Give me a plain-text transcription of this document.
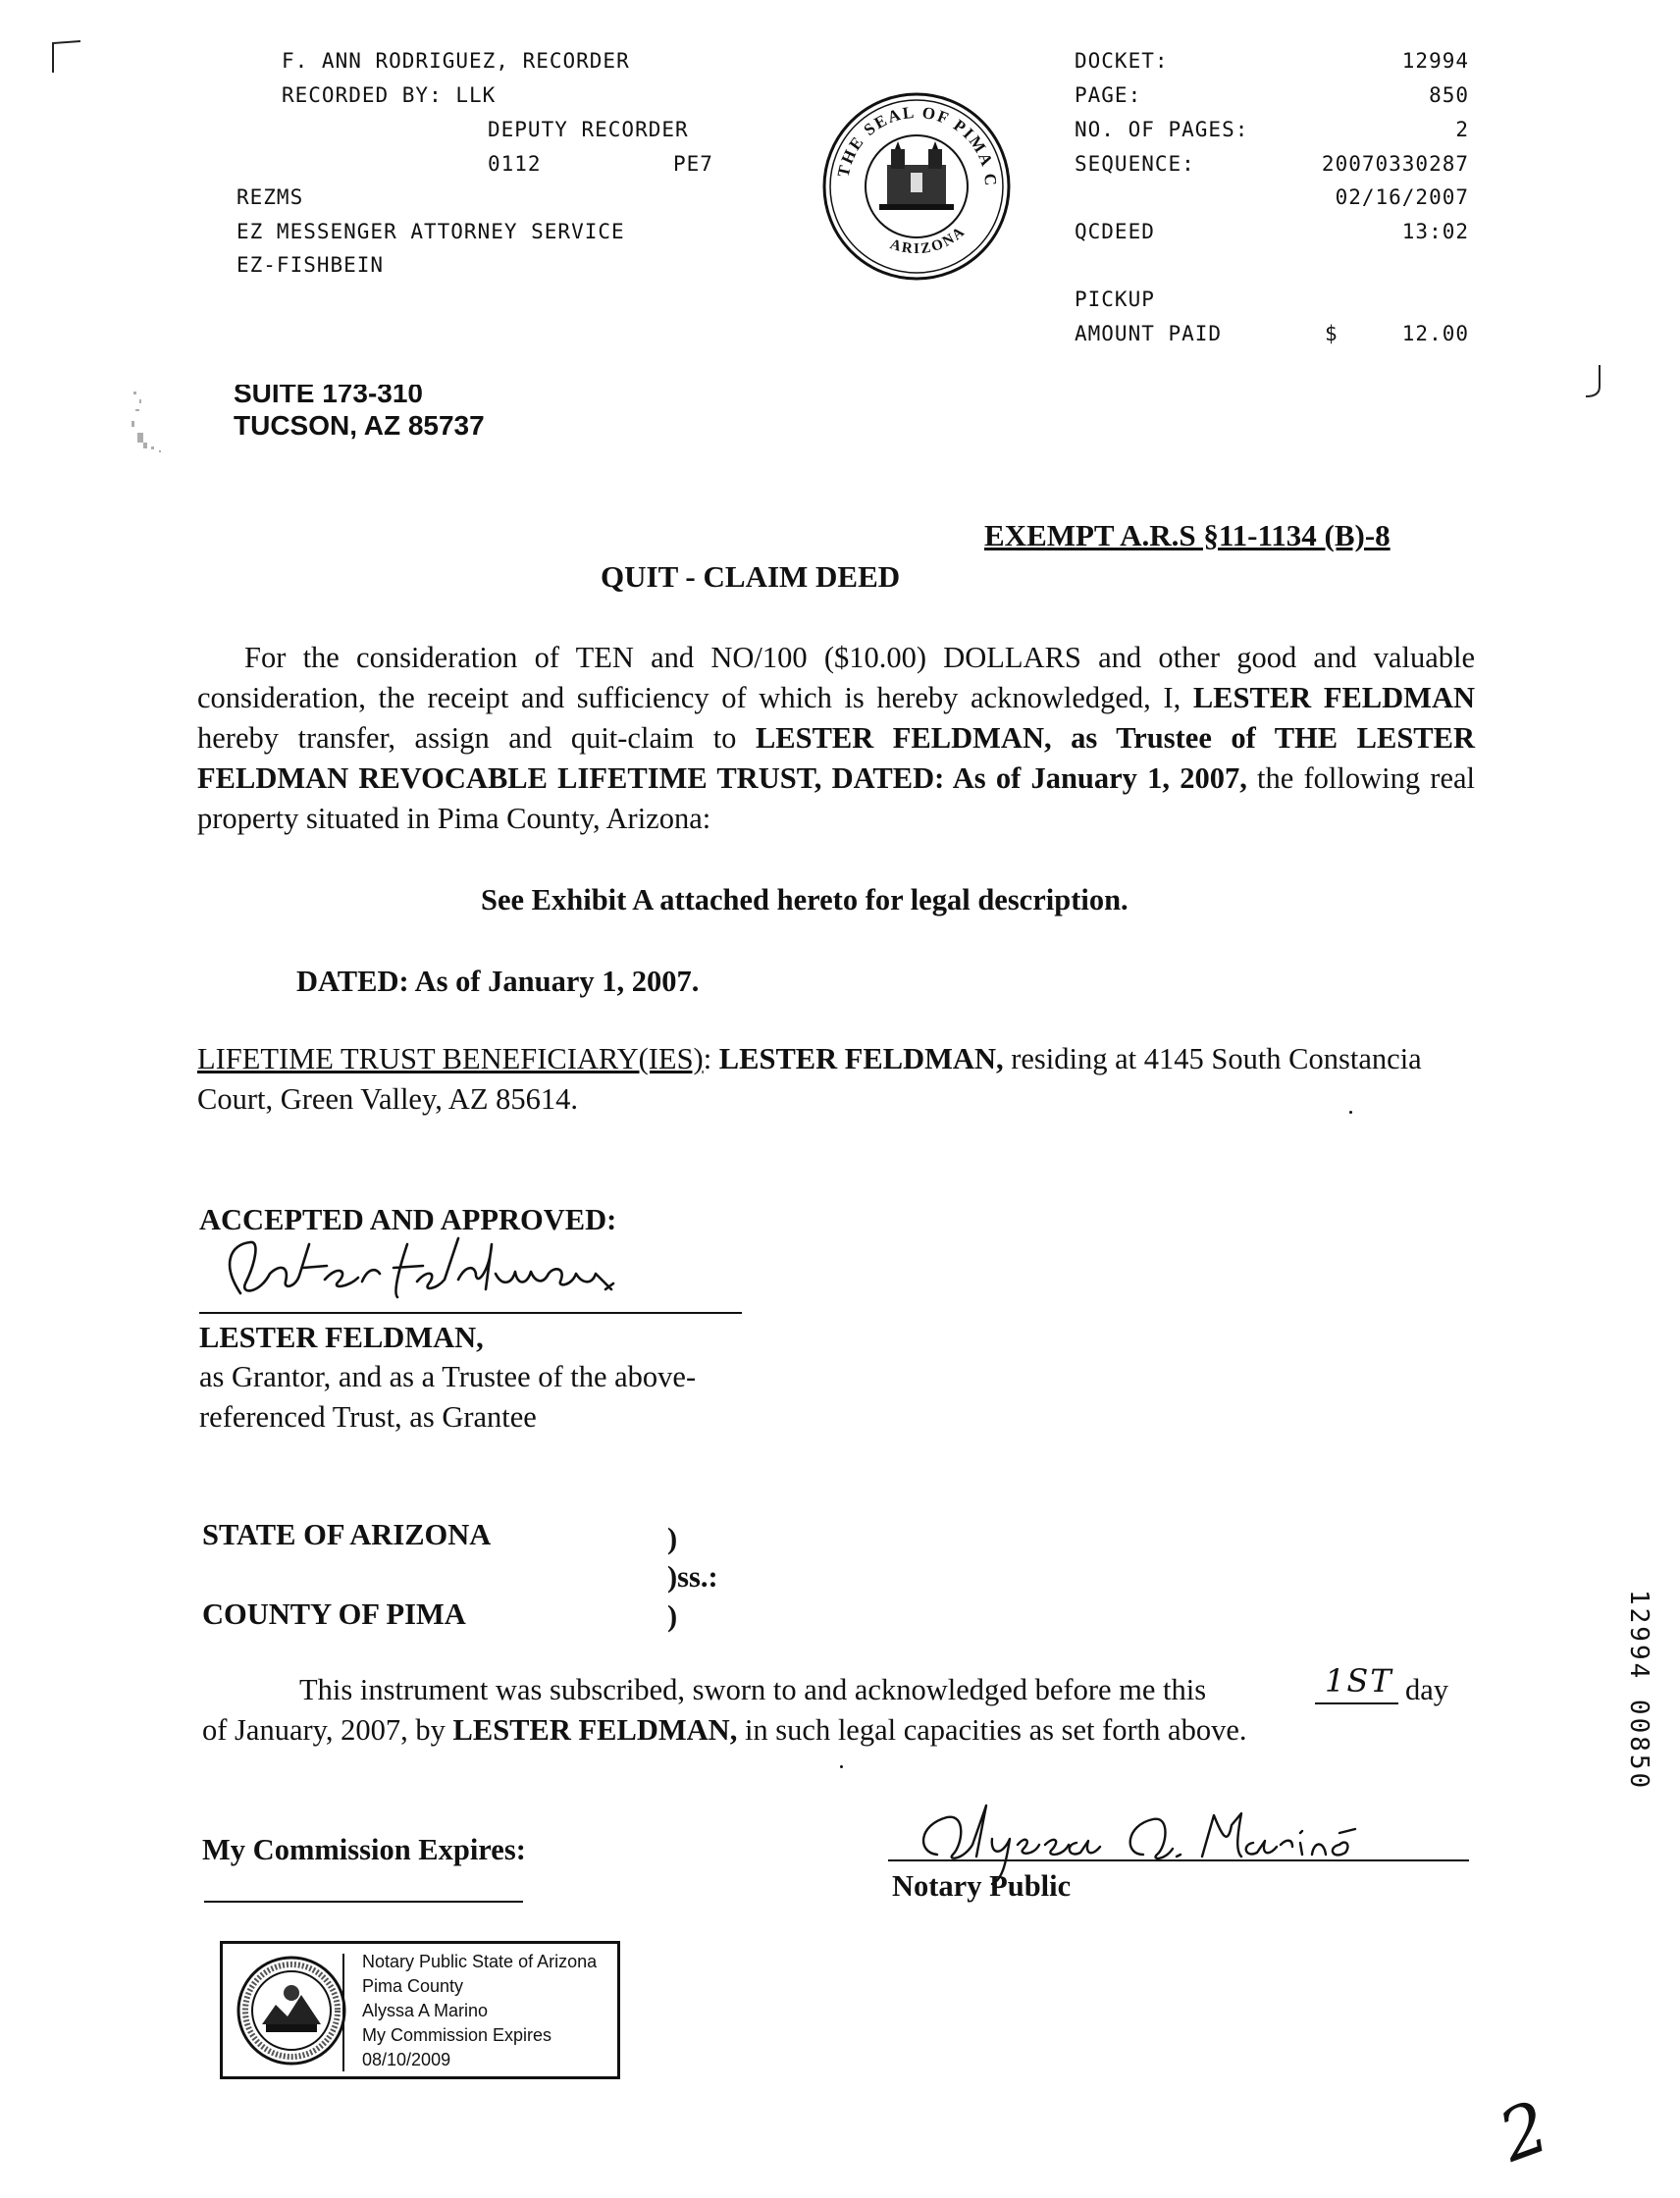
F. ANN RODRIGUEZ, RECORDER
RECORDED BY: LLK
DEPUTY RECORDER
0112	PE7
REZMS
EZ MESSENGER ATTORNEY SERVICE
EZ-FISHBEIN
THE SEAL OF PIMA COUNTY
ARIZONA
DOCKET:	12994
PAGE:	850
NO. OF PAGES:	2
SEQUENCE:	20070330287
02/16/2007
QCDEED	13:02
PICKUP
AMOUNT PAID	$	12.00
SUITE 173-310
TUCSON, AZ 85737
EXEMPT A.R.S §11-1134 (B)-8
QUIT - CLAIM DEED
For the consideration of TEN and NO/100 ($10.00) DOLLARS and other good and valuable consideration, the receipt and sufficiency of which is hereby acknowledged, I, LESTER FELDMAN hereby transfer, assign and quit-claim to LESTER FELDMAN, as Trustee of THE LESTER FELDMAN REVOCABLE LIFETIME TRUST, DATED: As of January 1, 2007, the following real property situated in Pima County, Arizona:
See Exhibit A attached hereto for legal description.
DATED: As of January 1, 2007.
LIFETIME TRUST BENEFICIARY(IES): LESTER FELDMAN, residing at 4145 South Constancia Court, Green Valley, AZ 85614.
ACCEPTED AND APPROVED:
LESTER FELDMAN,
as Grantor, and as a Trustee of the above-
referenced Trust, as Grantee
STATE OF ARIZONA	)
)ss.:
COUNTY OF PIMA	)
This instrument was subscribed, sworn to and acknowledged before me this	1ST day
of January, 2007, by LESTER FELDMAN, in such legal capacities as set forth above.
My Commission Expires:
Notary Public
Notary Public State of Arizona
Pima County
Alyssa A Marino
My Commission Expires
08/10/2009
12994 00850
2
